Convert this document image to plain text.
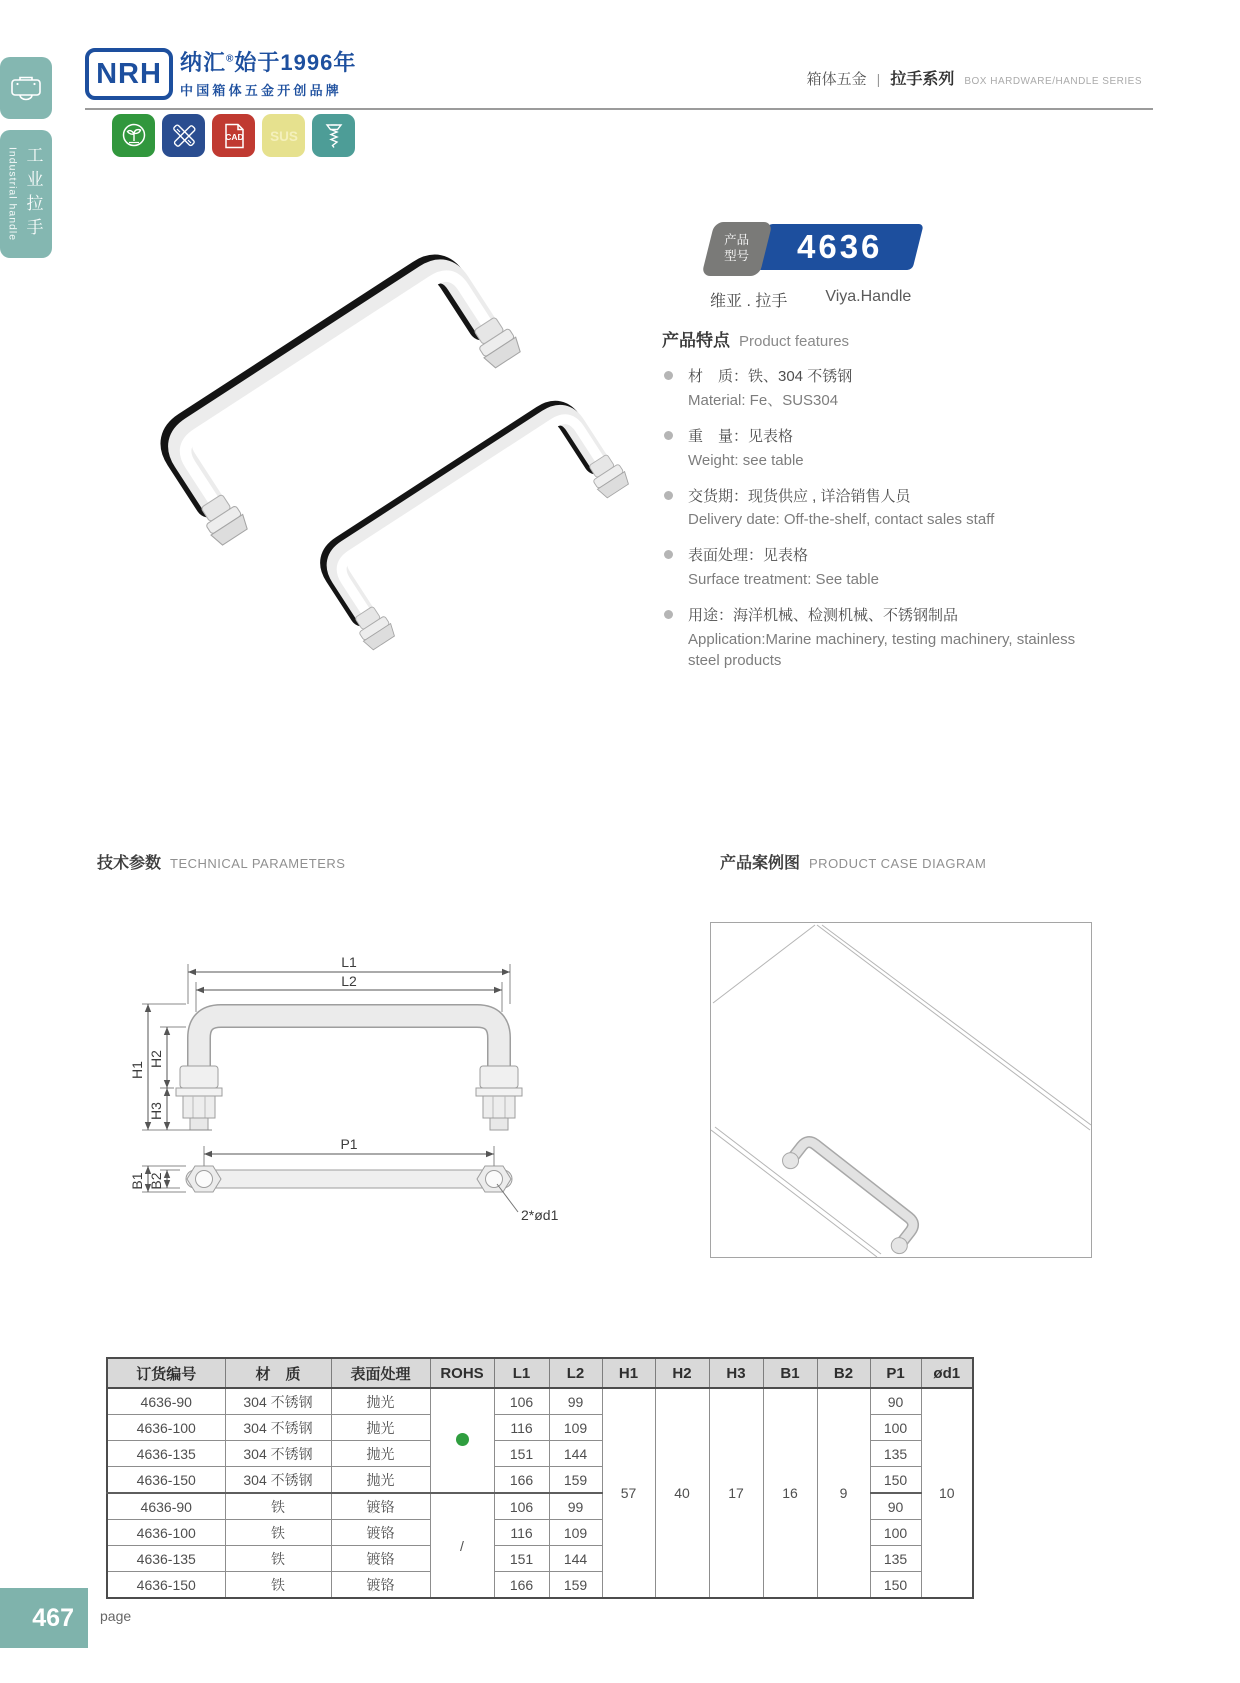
Industrial handle 工业拉手
NRH 纳汇®始于1996年
中国箱体五金开创品牌
箱体五金 | 拉手系列 BOX HARDWARE/HANDLE SERIES
CAD SUS
4636
产品
型号
维亚 . 拉手 Viya.Handle
产品特点 Product features
材　质：铁、304 不锈钢
Material: Fe、SUS304
重　量：见表格
Weight: see table
交货期：现货供应 , 详洽销售人员
Delivery date: Off-the-shelf, contact sales staff
表面处理：见表格
Surface treatment: See table
用途：海洋机械、检测机械、不锈钢制品
Application:Marine machinery, testing machinery, stainless steel products
技术参数 TECHNICAL PARAMETERS	产品案例图 PRODUCT CASE DIAGRAM
L1
L2
H1
H2
H3
P1
B1 B2
2*ød1
订货编号	材　质	表面处理	ROHS	L1	L2	H1	H2	H3	B1	B2	P1	ød1
4636-90	304 不锈钢	抛光		106	99	57	40	17	16	9	90	10
4636-100	304 不锈钢	抛光		116	109						100	
4636-135	304 不锈钢	抛光		151	144						135	
4636-150	304 不锈钢	抛光		166	159						150	
4636-90	铁	镀铬	/	106	99						90	
4636-100	铁	镀铬		116	109						100	
4636-135	铁	镀铬		151	144						135	
4636-150	铁	镀铬		166	159						150	
467 page
